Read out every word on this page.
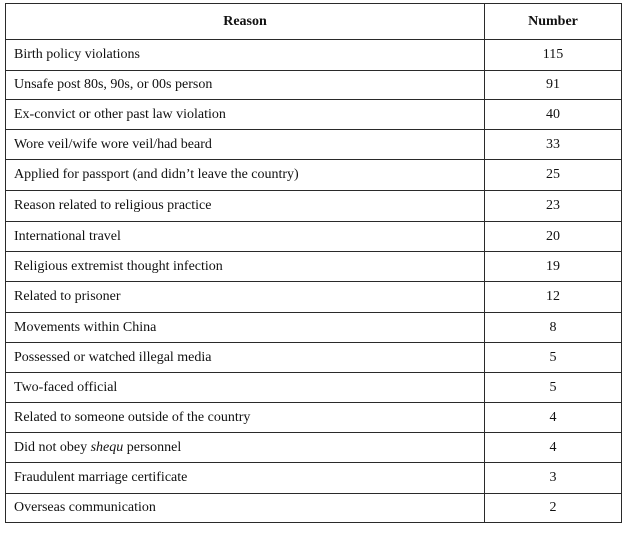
Reason	Number
Birth policy violations	115
Unsafe post 80s, 90s, or 00s person	91
Ex-convict or other past law violation	40
Wore veil/wife wore veil/had beard	33
Applied for passport (and didn’t leave the country)	25
Reason related to religious practice	23
International travel	20
Religious extremist thought infection	19
Related to prisoner	12
Movements within China	8
Possessed or watched illegal media	5
Two-faced official	5
Related to someone outside of the country	4
Did not obey shequ personnel	4
Fraudulent marriage certificate	3
Overseas communication	2
